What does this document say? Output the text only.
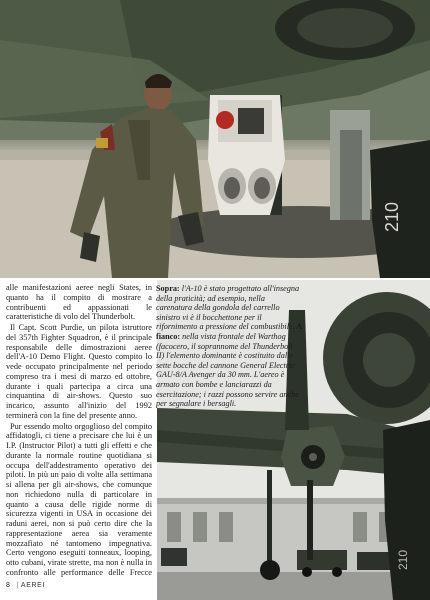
210
210
Sopra: l'A-10 è stato progettato all'insegna della praticità; ad esempio, nella carenatura della gondola del carrello sinistro vi è il bocchettone per il rifornimento a pressione del combustibile. A fianco: nella vista frontale del Warthog (facocero, il soprannome del Thunderbolt II) l'elemento dominante è costituito dalle sette bocche del cannone General Electric GAU-8/A Avenger da 30 mm. L'aereo è armato con bombe e lanciarazzi da esercitazione; i razzi possono servire anche per segnalare i bersagli.

alle manifestazioni aeree negli States, in quanto ha il compito di mostrare a contribuenti ed appassionati le caratteristiche di volo del Thunderbolt.

Il Capt. Scott Purdie, un pilota istruttore del 357th Fighter Squadron, è il principale responsabile delle dimostrazioni aeree dell'A-10 Demo Flight. Questo compito lo vede occupato principalmente nel periodo compreso tra i mesi di marzo ed ottobre, durante i quali partecipa a circa una cinquantina di air-shows. Questo suo incarico, assunto all'inizio del 1992 terminerà con la fine del presente anno.

Pur essendo molto orgoglioso del compito affidatogli, ci tiene a precisare che lui è un I.P. (Instructor Pilot) a tutti gli effetti e che durante la normale routine quotidiana si occupa dell'addestramento operativo dei piloti. In più un paio di volte alla settimana si allena per gli air-shows, che comunque non richiedono nulla di particolare in quanto a causa delle rigide norme di sicurezza vigenti in USA in occasione dei raduni aerei, non si può certo dire che la rappresentazione aerea sia veramente mozzafiato né tantomeno impegnativa. Certo vengono eseguiti tonneaux, looping, otto cubani, virate strette, ma non è nulla in confronto alle performance delle Frecce

8 | AEREI
